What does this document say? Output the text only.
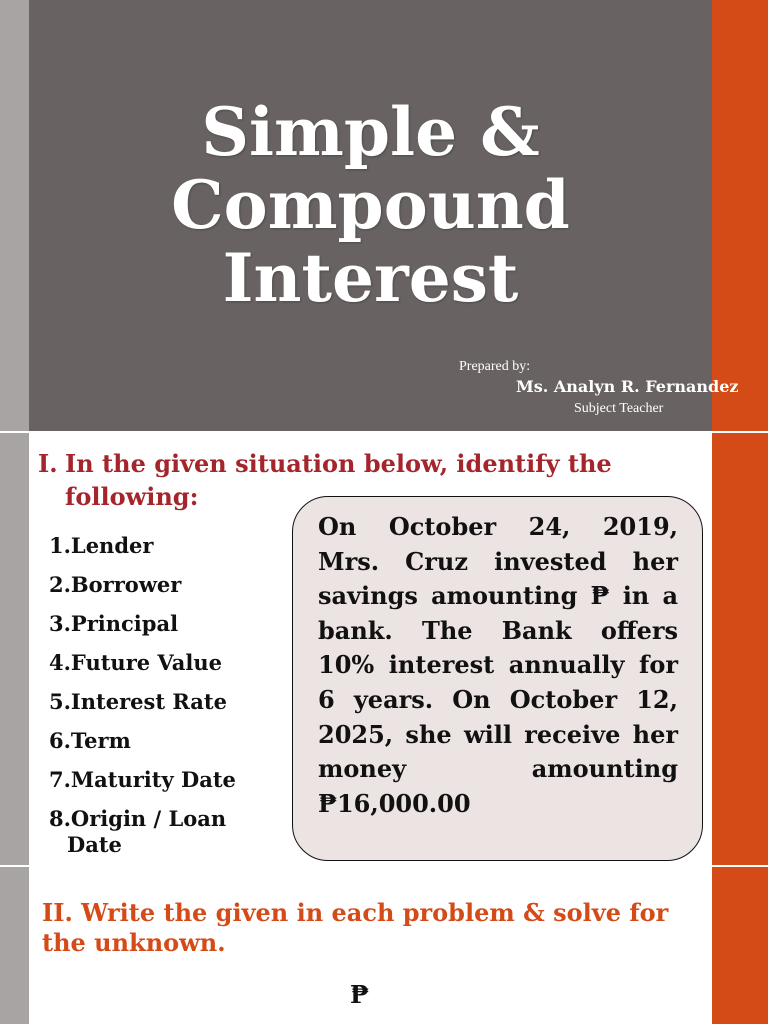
Simple &
Compound
Interest
Prepared by:
Ms. Analyn R. Fernandez
Subject Teacher
I. In the given situation below, identify the following:
1.Lender
2.Borrower
3.Principal
4.Future Value
5.Interest Rate
6.Term
7.Maturity Date
8.Origin / Loan
Date

On October 24, 2019, Mrs. Cruz invested her savings amounting ₱ in a bank. The Bank offers 10% interest annually for 6 years. On October 12, 2025, she will receive her money amounting ₱16,000.00

II. Write the given in each problem & solve for the unknown.
₱
